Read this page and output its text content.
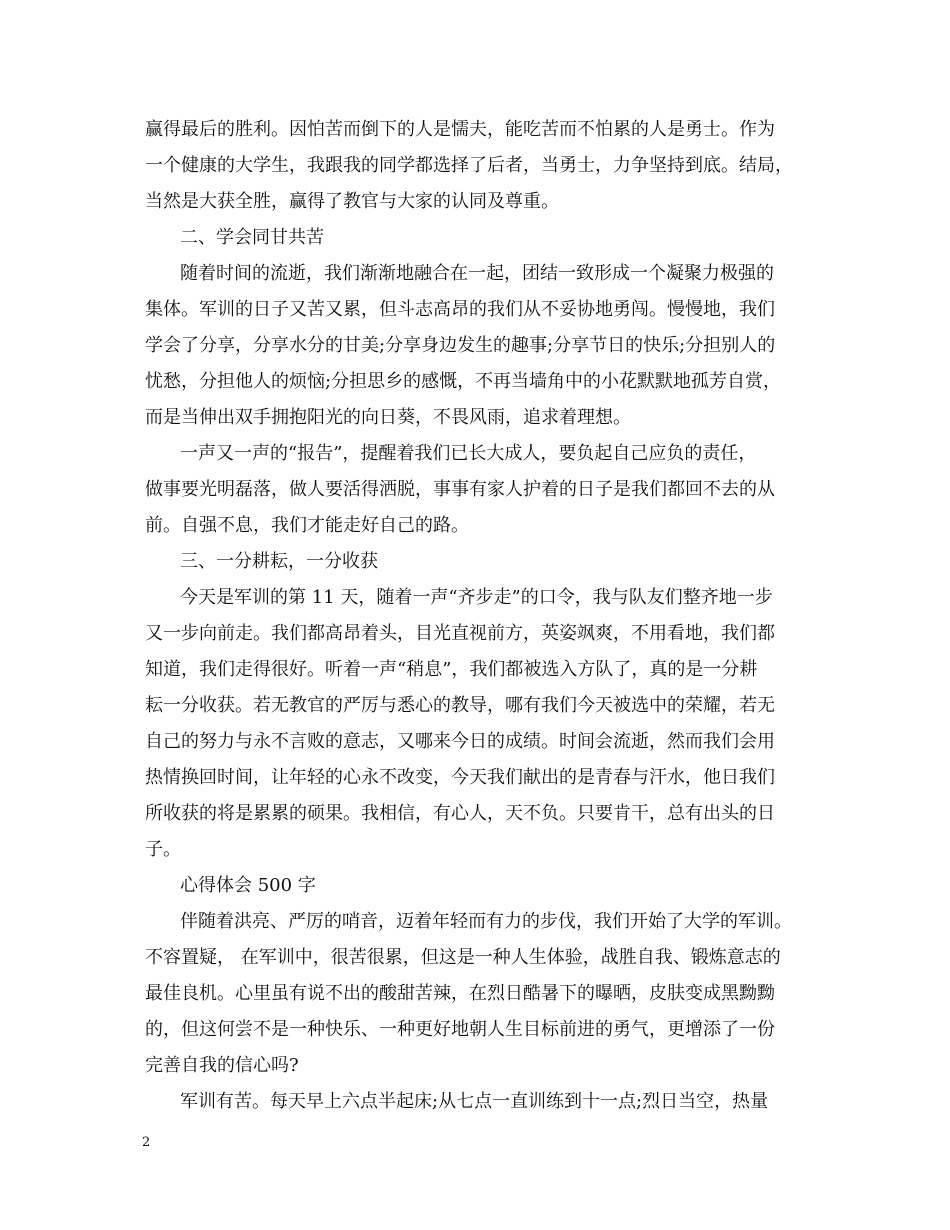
赢得最后的胜利。因怕苦而倒下的人是懦夫，能吃苦而不怕累的人是勇士。作为
一个健康的大学生，我跟我的同学都选择了后者，当勇士，力争坚持到底。结局，
当然是大获全胜，赢得了教官与大家的认同及尊重。
二、学会同甘共苦
随着时间的流逝，我们渐渐地融合在一起，团结一致形成一个凝聚力极强的
集体。军训的日子又苦又累，但斗志高昂的我们从不妥协地勇闯。慢慢地，我们
学会了分享，分享水分的甘美;分享身边发生的趣事;分享节日的快乐;分担别人的
忧愁，分担他人的烦恼;分担思乡的感慨，不再当墙角中的小花默默地孤芳自赏，
而是当伸出双手拥抱阳光的向日葵，不畏风雨，追求着理想。
一声又一声的“报告”，提醒着我们已长大成人，要负起自己应负的责任，
做事要光明磊落，做人要活得洒脱，事事有家人护着的日子是我们都回不去的从
前。自强不息，我们才能走好自己的路。
三、一分耕耘，一分收获
今天是军训的第 11 天，随着一声“齐步走”的口令，我与队友们整齐地一步
又一步向前走。我们都高昂着头，目光直视前方，英姿飒爽，不用看地，我们都
知道，我们走得很好。听着一声“稍息”，我们都被选入方队了，真的是一分耕
耘一分收获。若无教官的严厉与悉心的教导，哪有我们今天被选中的荣耀，若无
自己的努力与永不言败的意志，又哪来今日的成绩。时间会流逝，然而我们会用
热情换回时间，让年轻的心永不改变，今天我们献出的是青春与汗水，他日我们
所收获的将是累累的硕果。我相信，有心人，天不负。只要肯干，总有出头的日
子。
心得体会 500 字
伴随着洪亮、严厉的哨音，迈着年轻而有力的步伐，我们开始了大学的军训。
不容置疑， 在军训中，很苦很累，但这是一种人生体验，战胜自我、锻炼意志的
最佳良机。心里虽有说不出的酸甜苦辣，在烈日酷暑下的曝晒，皮肤变成黑黝黝
的，但这何尝不是一种快乐、一种更好地朝人生目标前进的勇气，更增添了一份
完善自我的信心吗?
军训有苦。每天早上六点半起床;从七点一直训练到十一点;烈日当空，热量
2
